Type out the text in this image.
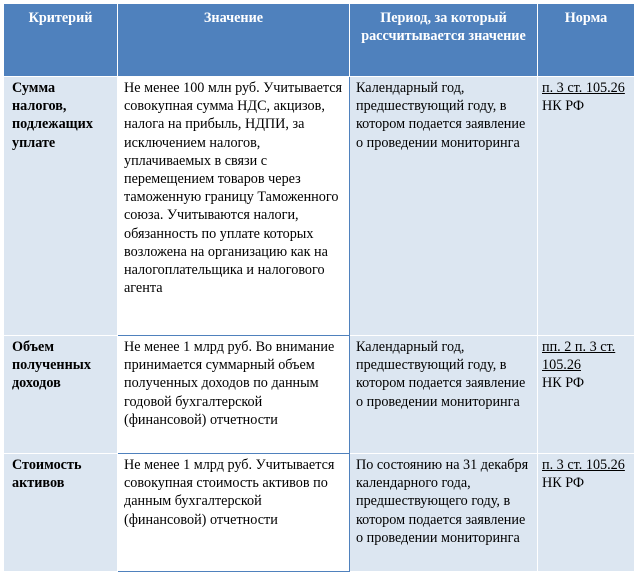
Критерий	Значение	Период, за который рассчитывается значение	Норма
Сумма налогов, подлежащих уплате	Не менее 100 млн руб. Учитывается совокупная сумма НДС, акцизов, налога на прибыль, НДПИ, за исключением налогов, уплачиваемых в связи с перемещением товаров через таможенную границу Таможенного союза. Учитываются налоги, обязанность по уплате которых возложена на организацию как на налогоплательщика и налогового агента	Календарный год, предшествующий году, в котором подается заявление о проведении мониторинга	п. 3 ст. 105.26
НК РФ
Объем полученных доходов	Не менее 1 млрд руб. Во внимание принимается суммарный объем полученных доходов по данным годовой бухгалтерской (финансовой) отчетности	Календарный год, предшествующий году, в котором подается заявление о проведении мониторинга	пп. 2 п. 3 ст. 105.26
НК РФ
Стоимость активов	Не менее 1 млрд руб. Учитывается совокупная стоимость активов по данным бухгалтерской (финансовой) отчетности	По состоянию на 31 декабря календарного года, предшествующего году, в котором подается заявление о проведении мониторинга	п. 3 ст. 105.26
НК РФ
